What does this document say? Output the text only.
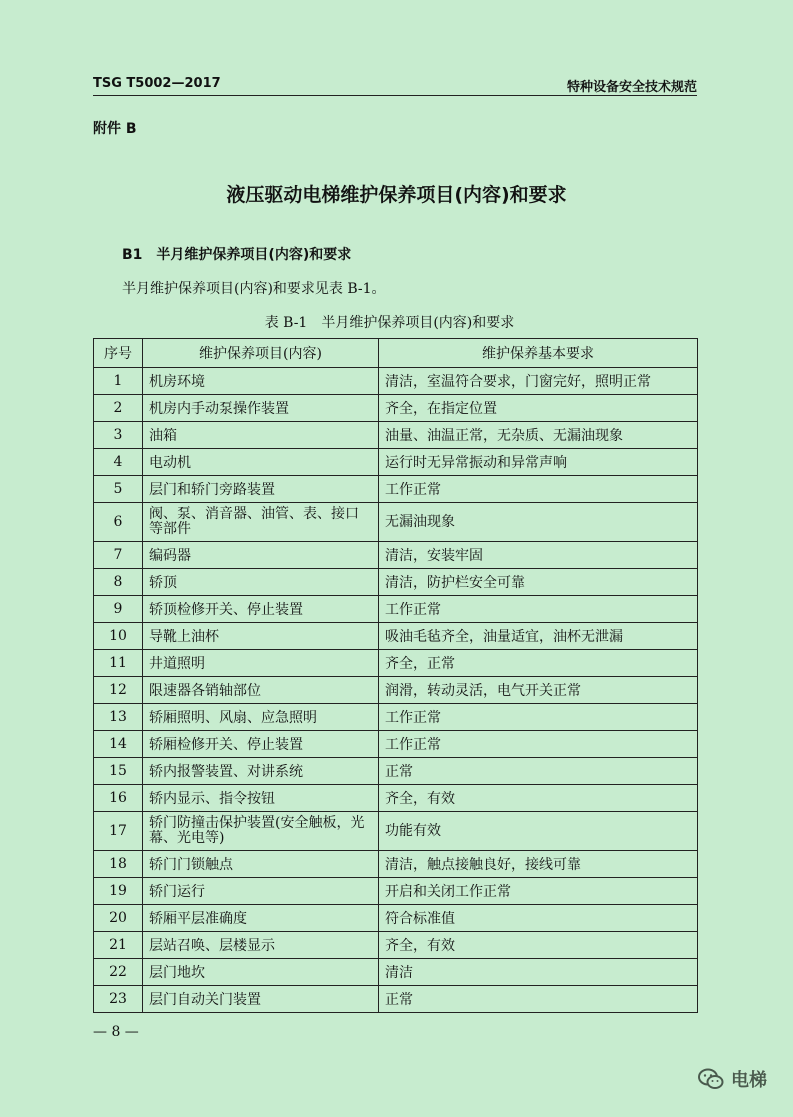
TSG T5002—2017	特种设备安全技术规范
附件 B
液压驱动电梯维护保养项目(内容)和要求
B1 半月维护保养项目(内容)和要求
半月维护保养项目(内容)和要求见表 B-1。
表 B-1 半月维护保养项目(内容)和要求
序号	维护保养项目(内容)	维护保养基本要求
1	机房环境	清洁，室温符合要求，门窗完好，照明正常
2	机房内手动泵操作装置	齐全，在指定位置
3	油箱	油量、油温正常，无杂质、无漏油现象
4	电动机	运行时无异常振动和异常声响
5	层门和轿门旁路装置	工作正常
6	阀、泵、消音器、油管、表、接口等部件	无漏油现象
7	编码器	清洁，安装牢固
8	轿顶	清洁，防护栏安全可靠
9	轿顶检修开关、停止装置	工作正常
10	导靴上油杯	吸油毛毡齐全，油量适宜，油杯无泄漏
11	井道照明	齐全，正常
12	限速器各销轴部位	润滑，转动灵活，电气开关正常
13	轿厢照明、风扇、应急照明	工作正常
14	轿厢检修开关、停止装置	工作正常
15	轿内报警装置、对讲系统	正常
16	轿内显示、指令按钮	齐全，有效
17	轿门防撞击保护装置(安全触板，光幕、光电等)	功能有效
18	轿门门锁触点	清洁，触点接触良好，接线可靠
19	轿门运行	开启和关闭工作正常
20	轿厢平层准确度	符合标准值
21	层站召唤、层楼显示	齐全，有效
22	层门地坎	清洁
23	层门自动关门装置	正常
— 8 —
电梯
